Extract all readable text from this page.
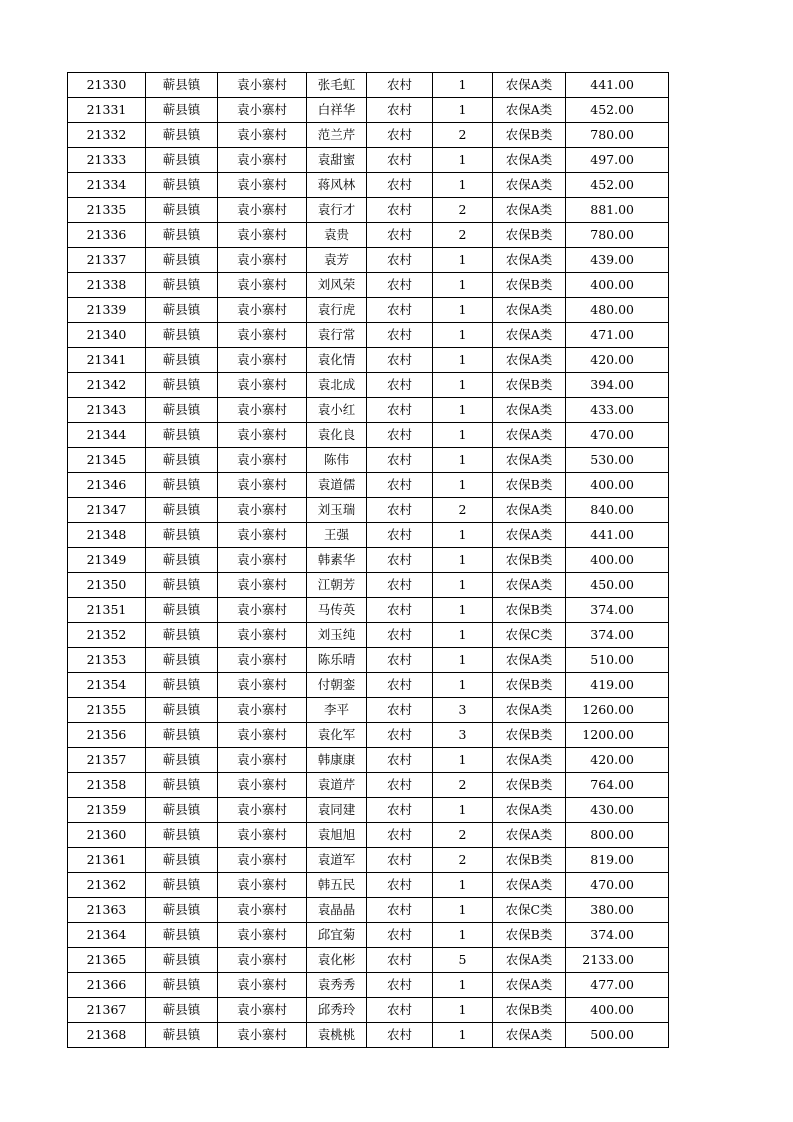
21330	蕲县镇	袁小寨村	张毛虹	农村	1	农保A类	441.00
21331	蕲县镇	袁小寨村	白祥华	农村	1	农保A类	452.00
21332	蕲县镇	袁小寨村	范兰芹	农村	2	农保B类	780.00
21333	蕲县镇	袁小寨村	袁甜蜜	农村	1	农保A类	497.00
21334	蕲县镇	袁小寨村	蒋风林	农村	1	农保A类	452.00
21335	蕲县镇	袁小寨村	袁行才	农村	2	农保A类	881.00
21336	蕲县镇	袁小寨村	袁贵	农村	2	农保B类	780.00
21337	蕲县镇	袁小寨村	袁芳	农村	1	农保A类	439.00
21338	蕲县镇	袁小寨村	刘风荣	农村	1	农保B类	400.00
21339	蕲县镇	袁小寨村	袁行虎	农村	1	农保A类	480.00
21340	蕲县镇	袁小寨村	袁行常	农村	1	农保A类	471.00
21341	蕲县镇	袁小寨村	袁化情	农村	1	农保A类	420.00
21342	蕲县镇	袁小寨村	袁北成	农村	1	农保B类	394.00
21343	蕲县镇	袁小寨村	袁小红	农村	1	农保A类	433.00
21344	蕲县镇	袁小寨村	袁化良	农村	1	农保A类	470.00
21345	蕲县镇	袁小寨村	陈伟	农村	1	农保A类	530.00
21346	蕲县镇	袁小寨村	袁道儒	农村	1	农保B类	400.00
21347	蕲县镇	袁小寨村	刘玉瑞	农村	2	农保A类	840.00
21348	蕲县镇	袁小寨村	王强	农村	1	农保A类	441.00
21349	蕲县镇	袁小寨村	韩素华	农村	1	农保B类	400.00
21350	蕲县镇	袁小寨村	江朝芳	农村	1	农保A类	450.00
21351	蕲县镇	袁小寨村	马传英	农村	1	农保B类	374.00
21352	蕲县镇	袁小寨村	刘玉纯	农村	1	农保C类	374.00
21353	蕲县镇	袁小寨村	陈乐晴	农村	1	农保A类	510.00
21354	蕲县镇	袁小寨村	付朝銮	农村	1	农保B类	419.00
21355	蕲县镇	袁小寨村	李平	农村	3	农保A类	1260.00
21356	蕲县镇	袁小寨村	袁化军	农村	3	农保B类	1200.00
21357	蕲县镇	袁小寨村	韩康康	农村	1	农保A类	420.00
21358	蕲县镇	袁小寨村	袁道芹	农村	2	农保B类	764.00
21359	蕲县镇	袁小寨村	袁同建	农村	1	农保A类	430.00
21360	蕲县镇	袁小寨村	袁旭旭	农村	2	农保A类	800.00
21361	蕲县镇	袁小寨村	袁道军	农村	2	农保B类	819.00
21362	蕲县镇	袁小寨村	韩五民	农村	1	农保A类	470.00
21363	蕲县镇	袁小寨村	袁晶晶	农村	1	农保C类	380.00
21364	蕲县镇	袁小寨村	邱宜菊	农村	1	农保B类	374.00
21365	蕲县镇	袁小寨村	袁化彬	农村	5	农保A类	2133.00
21366	蕲县镇	袁小寨村	袁秀秀	农村	1	农保A类	477.00
21367	蕲县镇	袁小寨村	邱秀玲	农村	1	农保B类	400.00
21368	蕲县镇	袁小寨村	袁桃桃	农村	1	农保A类	500.00
